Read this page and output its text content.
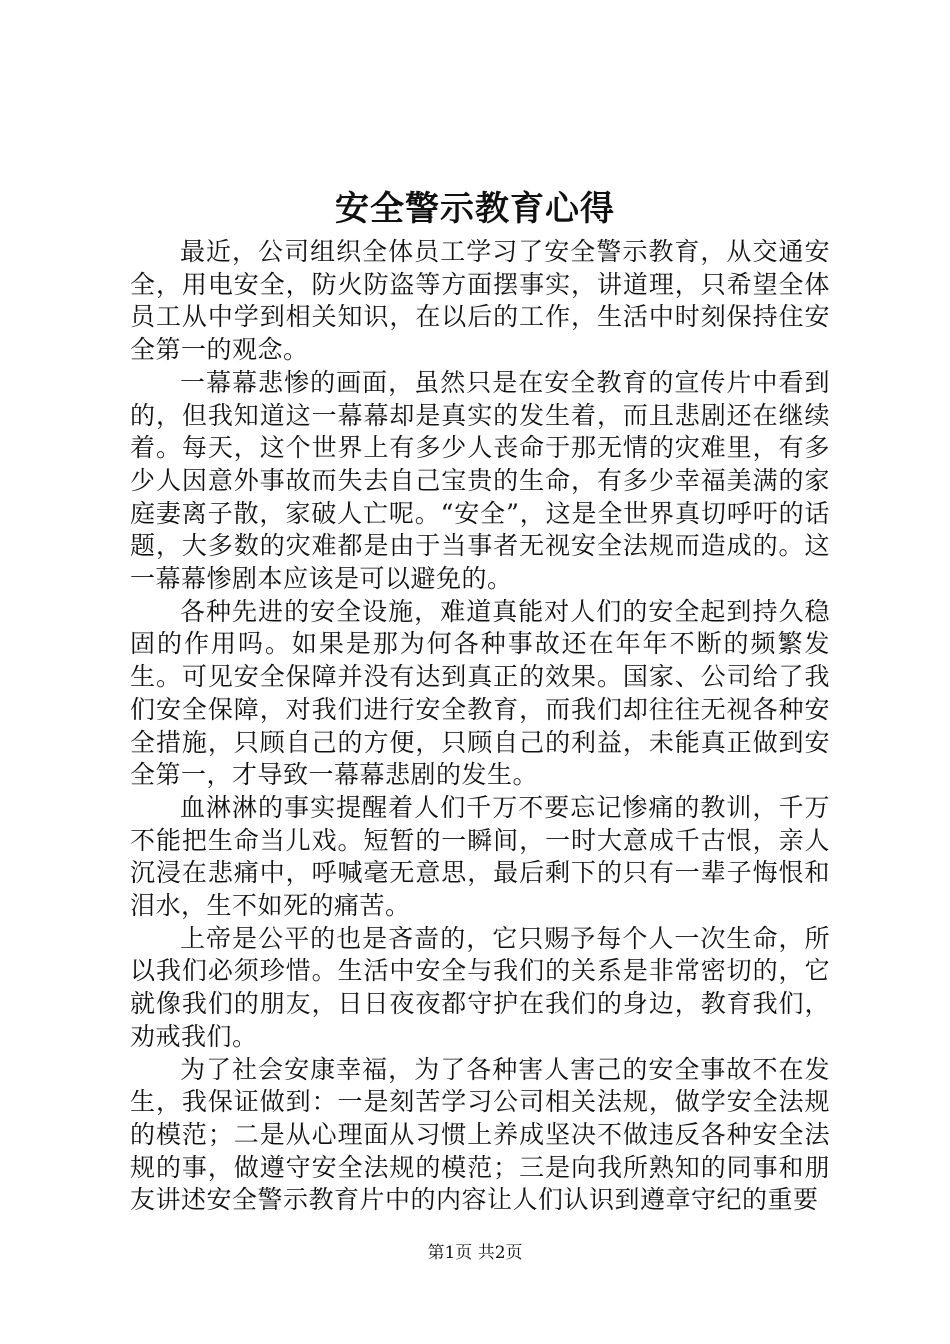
安全警示教育心得

最近，公司组织全体员工学习了安全警示教育，从交通安全，用电安全，防火防盗等方面摆事实，讲道理，只希望全体员工从中学到相关知识，在以后的工作，生活中时刻保持住安全第一的观念。

一幕幕悲惨的画面，虽然只是在安全教育的宣传片中看到的，但我知道这一幕幕却是真实的发生着，而且悲剧还在继续着。每天，这个世界上有多少人丧命于那无情的灾难里，有多少人因意外事故而失去自己宝贵的生命，有多少幸福美满的家庭妻离子散，家破人亡呢。“安全”，这是全世界真切呼吁的话题，大多数的灾难都是由于当事者无视安全法规而造成的。这一幕幕惨剧本应该是可以避免的。

各种先进的安全设施，难道真能对人们的安全起到持久稳固的作用吗。如果是那为何各种事故还在年年不断的频繁发生。可见安全保障并没有达到真正的效果。国家、公司给了我们安全保障，对我们进行安全教育，而我们却往往无视各种安全措施，只顾自己的方便，只顾自己的利益，未能真正做到安全第一，才导致一幕幕悲剧的发生。

血淋淋的事实提醒着人们千万不要忘记惨痛的教训，千万不能把生命当儿戏。短暂的一瞬间，一时大意成千古恨，亲人沉浸在悲痛中，呼喊毫无意思，最后剩下的只有一辈子悔恨和泪水，生不如死的痛苦。

上帝是公平的也是吝啬的，它只赐予每个人一次生命，所以我们必须珍惜。生活中安全与我们的关系是非常密切的，它就像我们的朋友，日日夜夜都守护在我们的身边，教育我们，劝戒我们。

为了社会安康幸福，为了各种害人害己的安全事故不在发生，我保证做到：一是刻苦学习公司相关法规，做学安全法规的模范；二是从心理面从习惯上养成坚决不做违反各种安全法规的事，做遵守安全法规的模范；三是向我所熟知的同事和朋友讲述安全警示教育片中的内容让人们认识到遵章守纪的重要

第1页 共2页
